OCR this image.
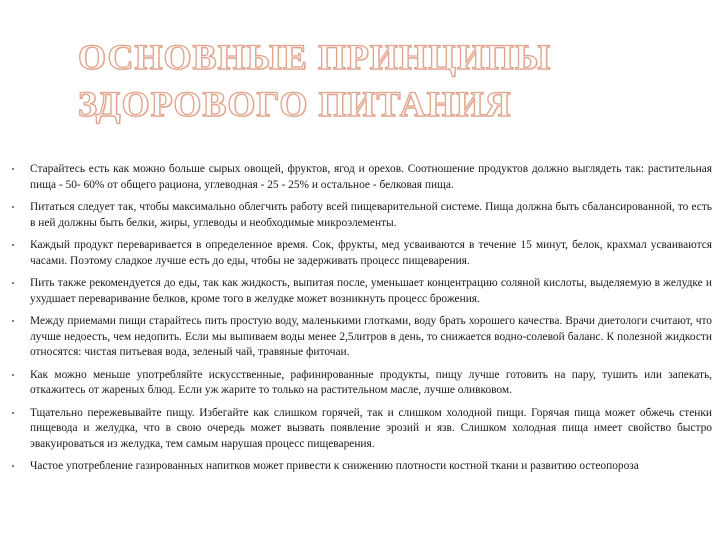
ОСНОВНЫЕ ПРИНЦИПЫ
ЗДОРОВОГО ПИТАНИЯ
•	Старайтесь есть как можно больше сырых овощей, фруктов, ягод и орехов. Соотношение продуктов должно выглядеть так: растительная пища - 50- 60% от общего рациона, углеводная - 25 - 25% и остальное - белковая пища.
•	Питаться следует так, чтобы максимально облегчить работу всей пищеварительной системе. Пища должна быть сбалансированной, то есть в ней должны быть белки, жиры, углеводы и необходимые микроэлементы.
•	Каждый продукт переваривается в определенное время. Сок, фрукты, мед усваиваются в течение 15 минут, белок, крахмал усваиваются часами. Поэтому сладкое лучше есть до еды, чтобы не задерживать процесс пищеварения.
•	Пить также рекомендуется до еды, так как жидкость, выпитая после, уменьшает концентрацию соляной кислоты, выделяемую в желудке и ухудшает переваривание белков, кроме того в желудке может возникнуть процесс брожения.
•	Между приемами пищи старайтесь пить простую воду, маленькими глотками, воду брать хорошего качества. Врачи диетологи считают, что лучше недоесть, чем недопить. Если мы выпиваем воды менее 2,5литров в день, то снижается водно-солевой баланс. К полезной жидкости относятся: чистая питьевая вода, зеленый чай, травяные фиточаи.
•	Как можно меньше употребляйте искусственные, рафинированные продукты, пищу лучше готовить на пару, тушить или запекать, откажитесь от жареных блюд. Если уж жарите то только на растительном масле, лучше оливковом.
•	Тщательно пережевывайте пищу. Избегайте как слишком горячей, так и слишком холодной пищи. Горячая пища может обжечь стенки пищевода и желудка, что в свою очередь может вызвать появление эрозий и язв. Слишком холодная пища имеет свойство быстро эвакуироваться из желудка, тем самым нарушая процесс пищеварения.
•	Частое употребление газированных напитков может привести к снижению плотности костной ткани и развитию остеопороза
